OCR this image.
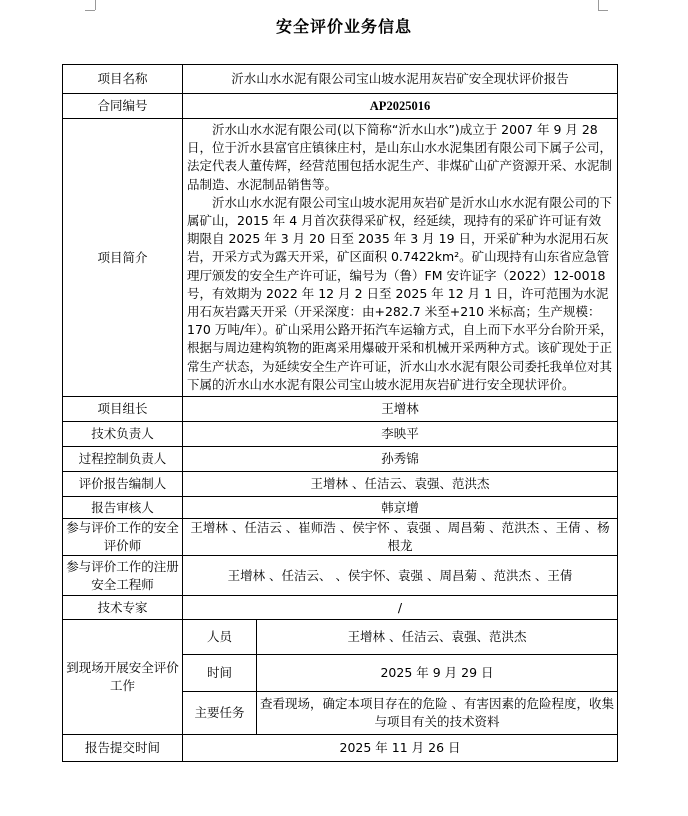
安全评价业务信息
项目名称	沂水山水水泥有限公司宝山坡水泥用灰岩矿安全现状评价报告	
合同编号	AP2025016	
项目简介	沂水山水水泥有限公司(以下简称“沂水山水”)成立于 2007 年 9 月 28 日，位于沂水县富官庄镇徕庄村，是山东山水水泥集团有限公司下属子公司，法定代表人董传辉，经营范围包括水泥生产、非煤矿山矿产资源开采、水泥制品制造、水泥制品销售等。

沂水山水水泥有限公司宝山坡水泥用灰岩矿是沂水山水水泥有限公司的下属矿山，2015 年 4 月首次获得采矿权，经延续，现持有的采矿许可证有效期限自 2025 年 3 月 20 日至 2035 年 3 月 19 日，开采矿种为水泥用石灰岩，开采方式为露天开采，矿区面积 0.7422km²。矿山现持有山东省应急管理厅颁发的安全生产许可证，编号为（鲁）FM 安许证字（2022）12-0018 号，有效期为 2022 年 12 月 2 日至 2025 年 12 月 1 日，许可范围为水泥用石灰岩露天开采（开采深度：由+282.7 米至+210 米标高；生产规模：170 万吨/年）。矿山采用公路开拓汽车运输方式，自上而下水平分台阶开采，根据与周边建构筑物的距离采用爆破开采和机械开采两种方式。该矿现处于正常生产状态，为延续安全生产许可证，沂水山水水泥有限公司委托我单位对其下属的沂水山水水泥有限公司宝山坡水泥用灰岩矿进行安全现状评价。	

项目组长	王增林	
技术负责人	李映平	
过程控制负责人	孙秀锦	
评价报告编制人	王增林 、任洁云、袁强、范洪杰	
报告审核人	韩京增	
参与评价工作的安全评价师	王增林 、任洁云 、崔师浩 、侯宇怀 、袁强 、周昌菊 、范洪杰 、王倩 、杨根龙	
参与评价工作的注册安全工程师	王增林 、任洁云、 、侯宇怀、袁强 、周昌菊 、范洪杰 、王倩	
技术专家	/	
到现场开展安全评价工作	人员	王增林 、任洁云、袁强、范洪杰
	时间	2025 年 9 月 29 日
	主要任务	查看现场，确定本项目存在的危险 、有害因素的危险程度，收集与项目有关的技术资料
报告提交时间	2025 年 11 月 26 日	
